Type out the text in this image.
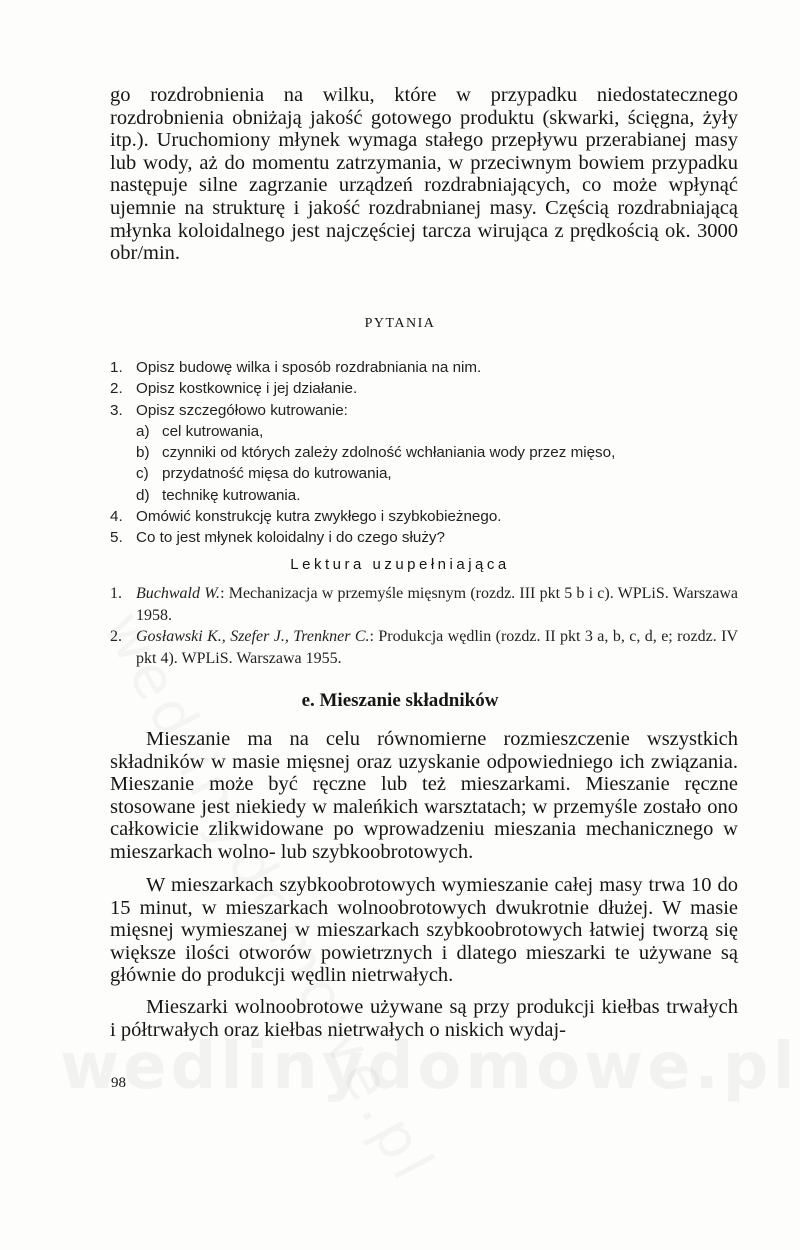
go rozdrobnienia na wilku, które w przypadku niedostatecznego rozdrobnienia obniżają jakość gotowego produktu (skwarki, ścięgna, żyły itp.). Uruchomiony młynek wymaga stałego przepływu przerabianej masy lub wody, aż do momentu zatrzymania, w przeciwnym bowiem przypadku następuje silne zagrzanie urządzeń rozdrabniających, co może wpłynąć ujemnie na strukturę i jakość rozdrabnianej masy. Częścią rozdrabniającą młynka koloidalnego jest najczęściej tarcza wirująca z prędkością ok. 3000 obr/min.

PYTANIA
1. Opisz budowę wilka i sposób rozdrabniania na nim.
2. Opisz kostkownicę i jej działanie.
3. Opisz szczegółowo kutrowanie:
a) cel kutrowania,
b) czynniki od których zależy zdolność wchłaniania wody przez mięso,
c) przydatność mięsa do kutrowania,
d) technikę kutrowania.
4. Omówić konstrukcję kutra zwykłego i szybkobieżnego.
5. Co to jest młynek koloidalny i do czego służy?
Lektura uzupełniająca
1. Buchwald W.: Mechanizacja w przemyśle mięsnym (rozdz. III pkt 5 b i c). WPLiS. Warszawa 1958.
2. Gosławski K., Szefer J., Trenkner C.: Produkcja wędlin (rozdz. II pkt 3 a, b, c, d, e; rozdz. IV pkt 4). WPLiS. Warszawa 1955.
e. Mieszanie składników

Mieszanie ma na celu równomierne rozmieszczenie wszystkich składników w masie mięsnej oraz uzyskanie odpowiedniego ich związania. Mieszanie może być ręczne lub też mieszarkami. Mieszanie ręczne stosowane jest niekiedy w maleńkich warsztatach; w przemyśle zostało ono całkowicie zlikwidowane po wprowadzeniu mieszania mechanicznego w mieszarkach wolno- lub szybkoobrotowych.

W mieszarkach szybkoobrotowych wymieszanie całej masy trwa 10 do 15 minut, w mieszarkach wolnoobrotowych dwukrotnie dłużej. W masie mięsnej wymieszanej w mieszarkach szybkoobrotowych łatwiej tworzą się większe ilości otworów powietrznych i dlatego mieszarki te używane są głównie do produkcji wędlin nietrwałych.

Mieszarki wolnoobrotowe używane są przy produkcji kiełbas trwałych i półtrwałych oraz kiełbas nietrwałych o niskich wydaj-

98
